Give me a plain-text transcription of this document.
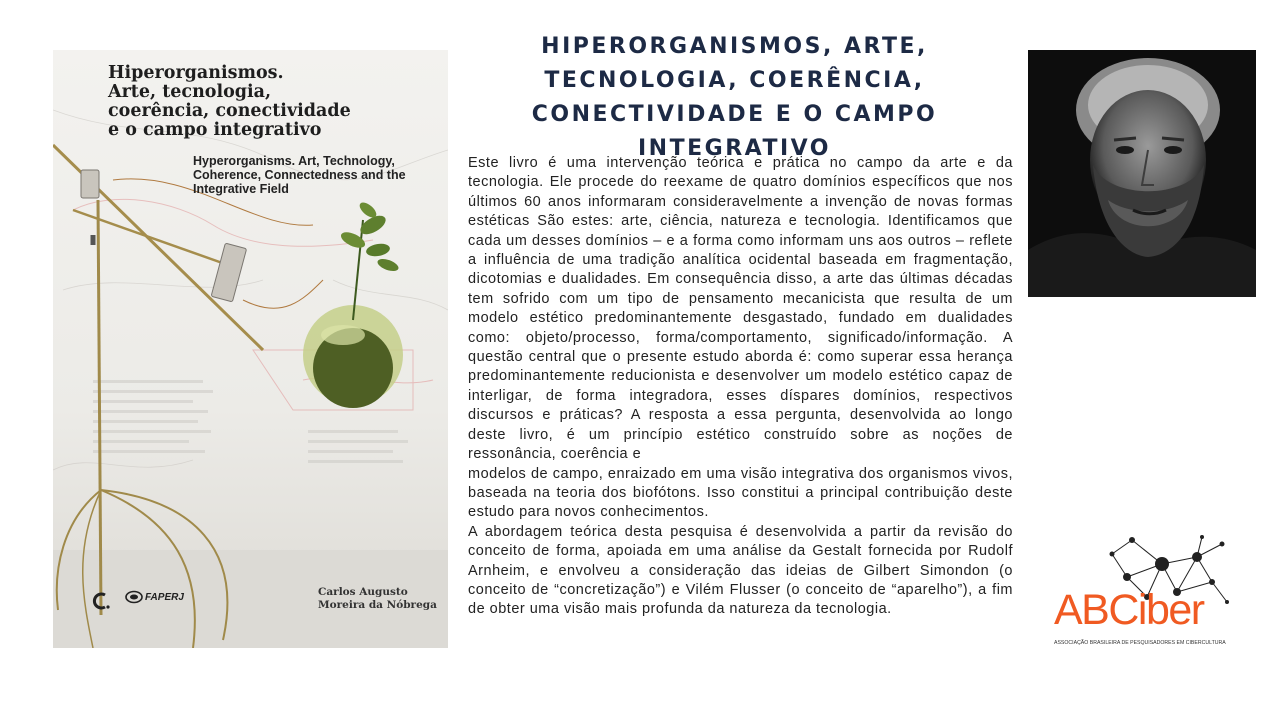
Hiperorganismos.
Arte, tecnologia,
coerência, conectividade
e o campo integrativo

Hyperorganisms. Art, Technology,
Coherence, Connectedness and the
Integrative Field

FAPERJ	Carlos Augusto
Moreira da Nóbrega

HIPERORGANISMOS, ARTE, TECNOLOGIA, COERÊNCIA, CONECTIVIDADE E O CAMPO INTEGRATIVO

Este livro é uma intervenção teórica e prática no campo da arte e da tecnologia. Ele procede do reexame de quatro domínios específicos que nos últimos 60 anos informaram consideravelmente a invenção de novas formas estéticas São estes: arte, ciência, natureza e tecnologia. Identificamos que cada um desses domínios – e a forma como informam uns aos outros – reflete a influência de uma tradição analítica ocidental baseada em fragmentação, dicotomias e dualidades. Em consequência disso, a arte das últimas décadas tem sofrido com um tipo de pensamento mecanicista que resulta de um modelo estético predominantemente desgastado, fundado em dualidades como: objeto/processo, forma/comportamento, significado/informação. A questão central que o presente estudo aborda é: como superar essa herança predominantemente reducionista e desenvolver um modelo estético capaz de interligar, de forma integradora, esses díspares domínios, respectivos discursos e práticas? A resposta a essa pergunta, desenvolvida ao longo deste livro, é um princípio estético construído sobre as noções de ressonância, coerência e

modelos de campo, enraizado em uma visão integrativa dos organismos vivos, baseada na teoria dos biofótons. Isso constitui a principal contribuição deste estudo para novos conhecimentos.

A abordagem teórica desta pesquisa é desenvolvida a partir da revisão do conceito de forma, apoiada em uma análise da Gestalt fornecida por Rudolf Arnheim, e envolveu a consideração das ideias de Gilbert Simondon (o conceito de “concretização”) e Vilém Flusser (o conceito de “aparelho”), a fim de obter uma visão mais profunda da natureza da tecnologia.	ABCiber

ASSOCIAÇÃO BRASILEIRA DE PESQUISADORES EM CIBERCULTURA
